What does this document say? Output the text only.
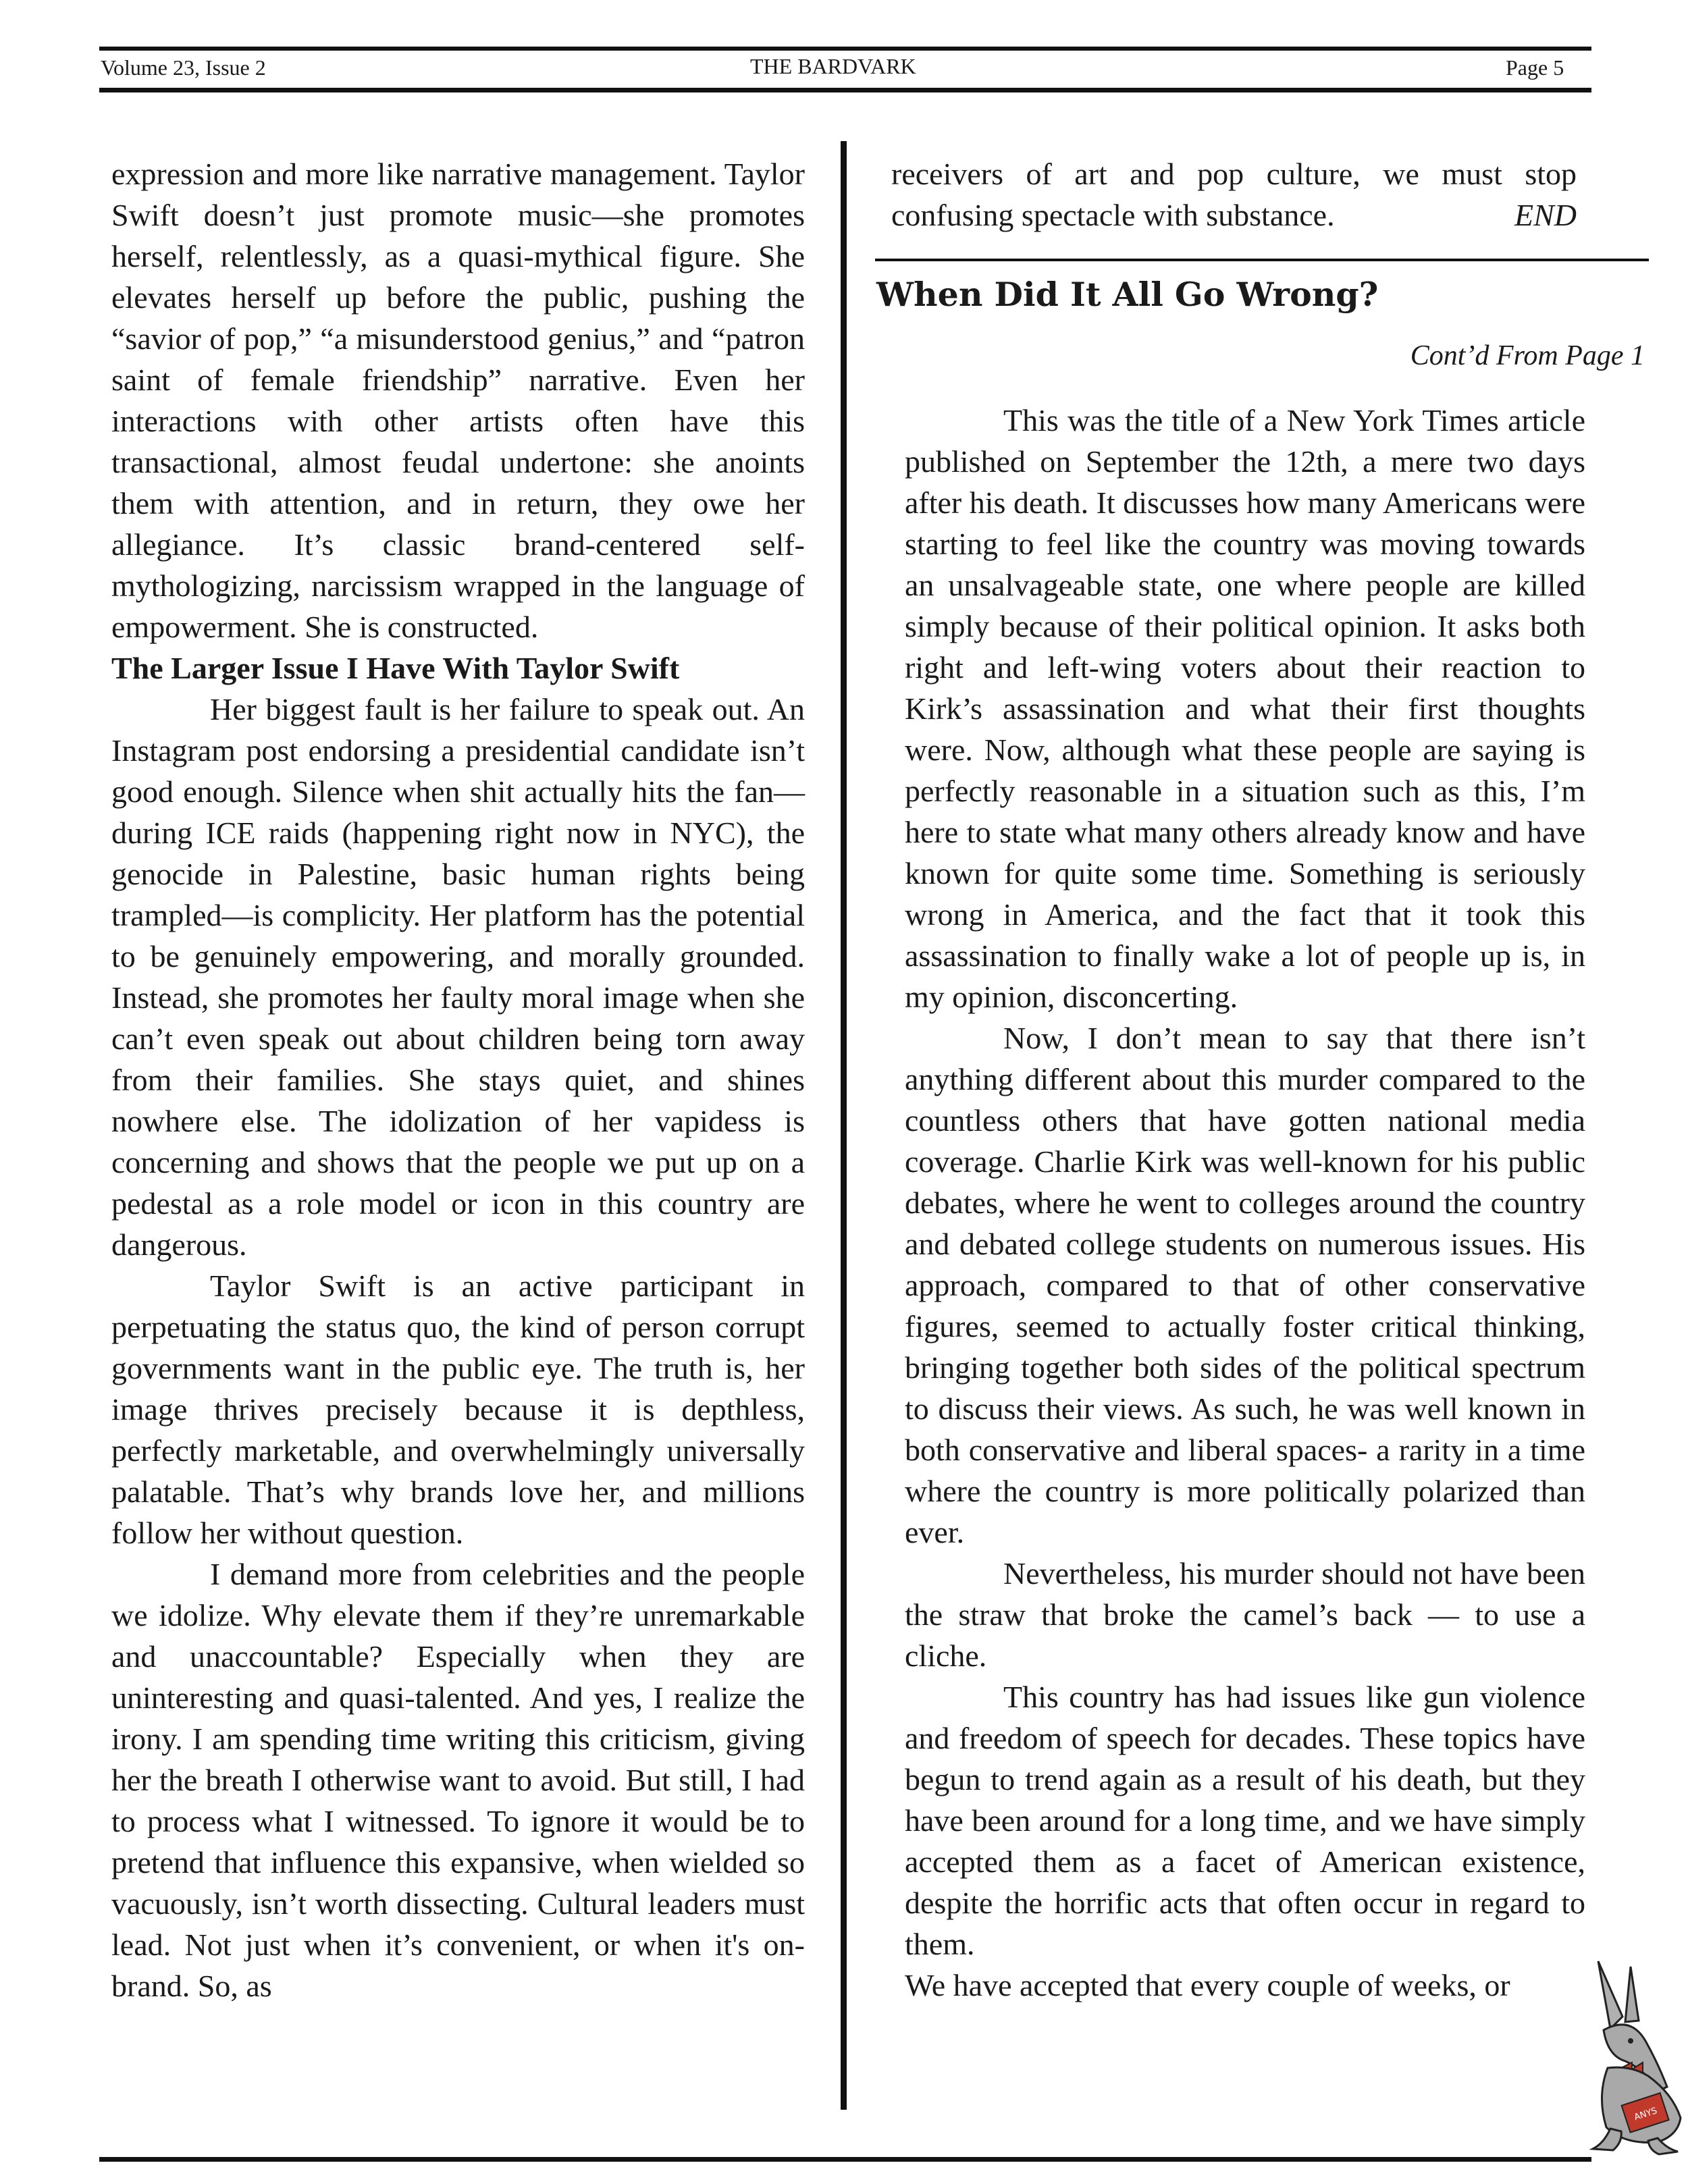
Volume 23, Issue 2	THE BARDVARK	Page 5

expression and more like narrative management. Taylor Swift doesn’t just promote music—she promotes herself, relentlessly, as a quasi-mythical figure. She elevates herself up before the public, pushing the “savior of pop,” “a misunderstood genius,” and “patron saint of female friendship” narrative. Even her interactions with other artists often have this transactional, almost feudal undertone: she anoints them with attention, and in return, they owe her allegiance. It’s classic brand-centered self-mythologizing, narcissism wrapped in the language of empowerment. She is constructed.

The Larger Issue I Have With Taylor Swift

Her biggest fault is her failure to speak out. An Instagram post endorsing a presidential candidate isn’t good enough. Silence when shit actually hits the fan—during ICE raids (happening right now in NYC), the genocide in Palestine, basic human rights being trampled—is complicity. Her platform has the potential to be genuinely empowering, and morally grounded. Instead, she promotes her faulty moral image when she can’t even speak out about children being torn away from their families. She stays quiet, and shines nowhere else. The idolization of her vapidess is concerning and shows that the people we put up on a pedestal as a role model or icon in this country are dangerous.

Taylor Swift is an active participant in perpetuating the status quo, the kind of person corrupt governments want in the public eye. The truth is, her image thrives precisely because it is depthless, perfectly marketable, and overwhelmingly universally palatable. That’s why brands love her, and millions follow her without question.

I demand more from celebrities and the people we idolize. Why elevate them if they’re unremarkable and unaccountable? Especially when they are uninteresting and quasi-talented. And yes, I realize the irony. I am spending time writing this criticism, giving her the breath I otherwise want to avoid. But still, I had to process what I witnessed. To ignore it would be to pretend that influence this expansive, when wielded so vacuously, isn’t worth dissecting. Cultural leaders must lead. Not just when it’s convenient, or when it's on-brand. So, as

receivers of art and pop culture, we must stop confusing spectacle with substance.	END

When Did It All Go Wrong?
Cont’d From Page 1

This was the title of a New York Times article published on September the 12th, a mere two days after his death. It discusses how many Americans were starting to feel like the country was moving towards an unsalvageable state, one where people are killed simply because of their political opinion. It asks both right and left-wing voters about their reaction to Kirk’s assassination and what their first thoughts were. Now, although what these people are saying is perfectly reasonable in a situation such as this, I’m here to state what many others already know and have known for quite some time. Something is seriously wrong in America, and the fact that it took this assassination to finally wake a lot of people up is, in my opinion, disconcerting.

Now, I don’t mean to say that there isn’t anything different about this murder compared to the countless others that have gotten national media coverage. Charlie Kirk was well-known for his public debates, where he went to colleges around the country and debated college students on numerous issues. His approach, compared to that of other conservative figures, seemed to actually foster critical thinking, bringing together both sides of the political spectrum to discuss their views. As such, he was well known in both conservative and liberal spaces- a rarity in a time where the country is more politically polarized than ever.

Nevertheless, his murder should not have been the straw that broke the camel’s back — to use a cliche.

This country has had issues like gun violence and freedom of speech for decades. These topics have begun to trend again as a result of his death, but they have been around for a long time, and we have simply accepted them as a facet of American existence, despite the horrific acts that often occur in regard to them.

We have accepted that every couple of weeks, or

ANYS
